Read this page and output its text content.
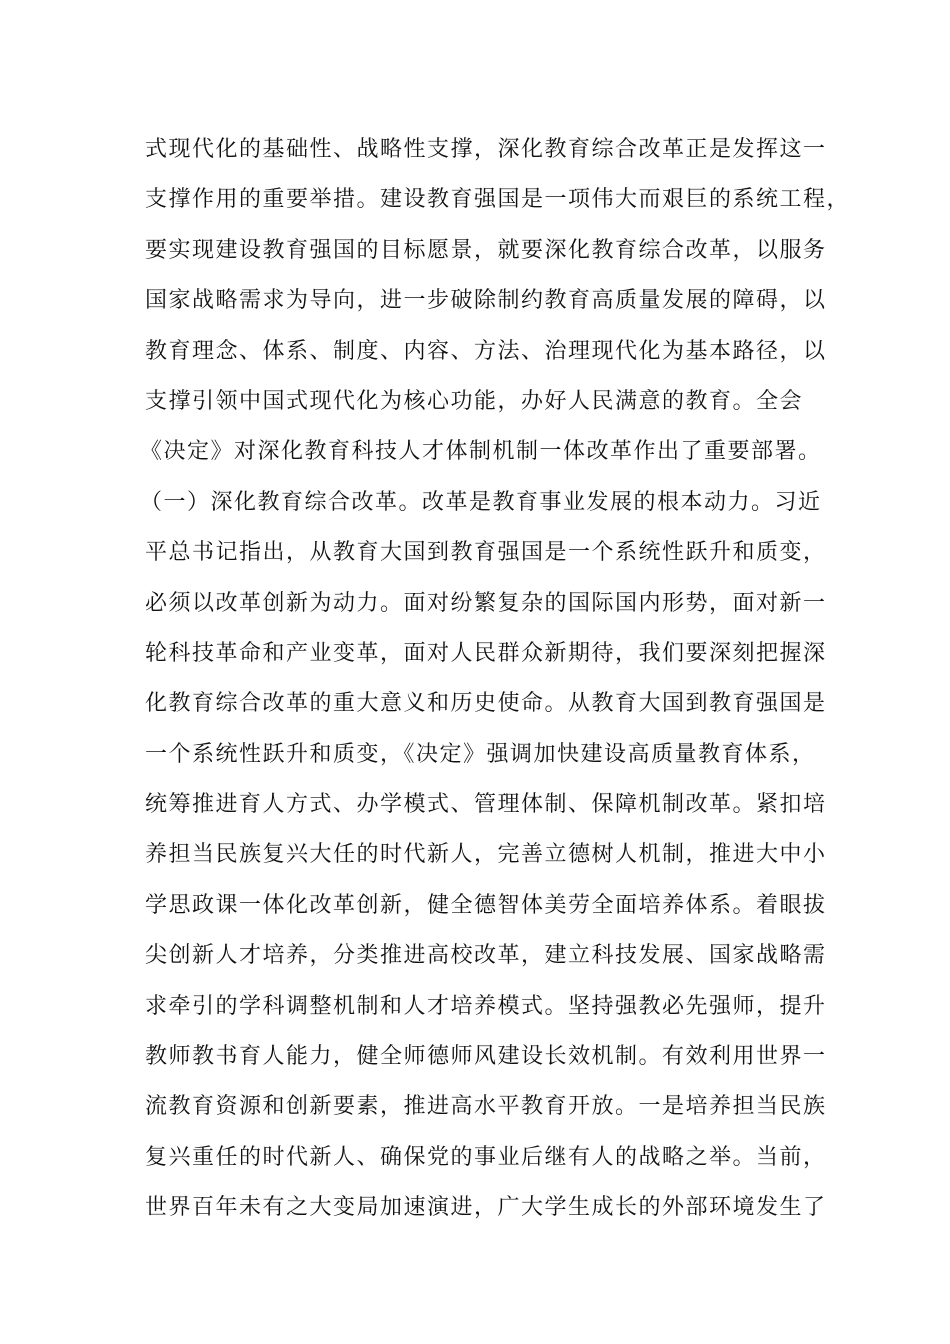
式现代化的基础性、战略性支撑，深化教育综合改革正是发挥这一
支撑作用的重要举措。建设教育强国是一项伟大而艰巨的系统工程，
要实现建设教育强国的目标愿景，就要深化教育综合改革，以服务
国家战略需求为导向，进一步破除制约教育高质量发展的障碍，以
教育理念、体系、制度、内容、方法、治理现代化为基本路径，以
支撑引领中国式现代化为核心功能，办好人民满意的教育。全会
《决定》对深化教育科技人才体制机制一体改革作出了重要部署。
（一）深化教育综合改革。改革是教育事业发展的根本动力。习近
平总书记指出，从教育大国到教育强国是一个系统性跃升和质变，
必须以改革创新为动力。面对纷繁复杂的国际国内形势，面对新一
轮科技革命和产业变革，面对人民群众新期待，我们要深刻把握深
化教育综合改革的重大意义和历史使命。从教育大国到教育强国是
一个系统性跃升和质变，《决定》强调加快建设高质量教育体系，
统筹推进育人方式、办学模式、管理体制、保障机制改革。紧扣培
养担当民族复兴大任的时代新人，完善立德树人机制，推进大中小
学思政课一体化改革创新，健全德智体美劳全面培养体系。着眼拔
尖创新人才培养，分类推进高校改革，建立科技发展、国家战略需
求牵引的学科调整机制和人才培养模式。坚持强教必先强师，提升
教师教书育人能力，健全师德师风建设长效机制。有效利用世界一
流教育资源和创新要素，推进高水平教育开放。一是培养担当民族
复兴重任的时代新人、确保党的事业后继有人的战略之举。当前，
世界百年未有之大变局加速演进，广大学生成长的外部环境发生了
